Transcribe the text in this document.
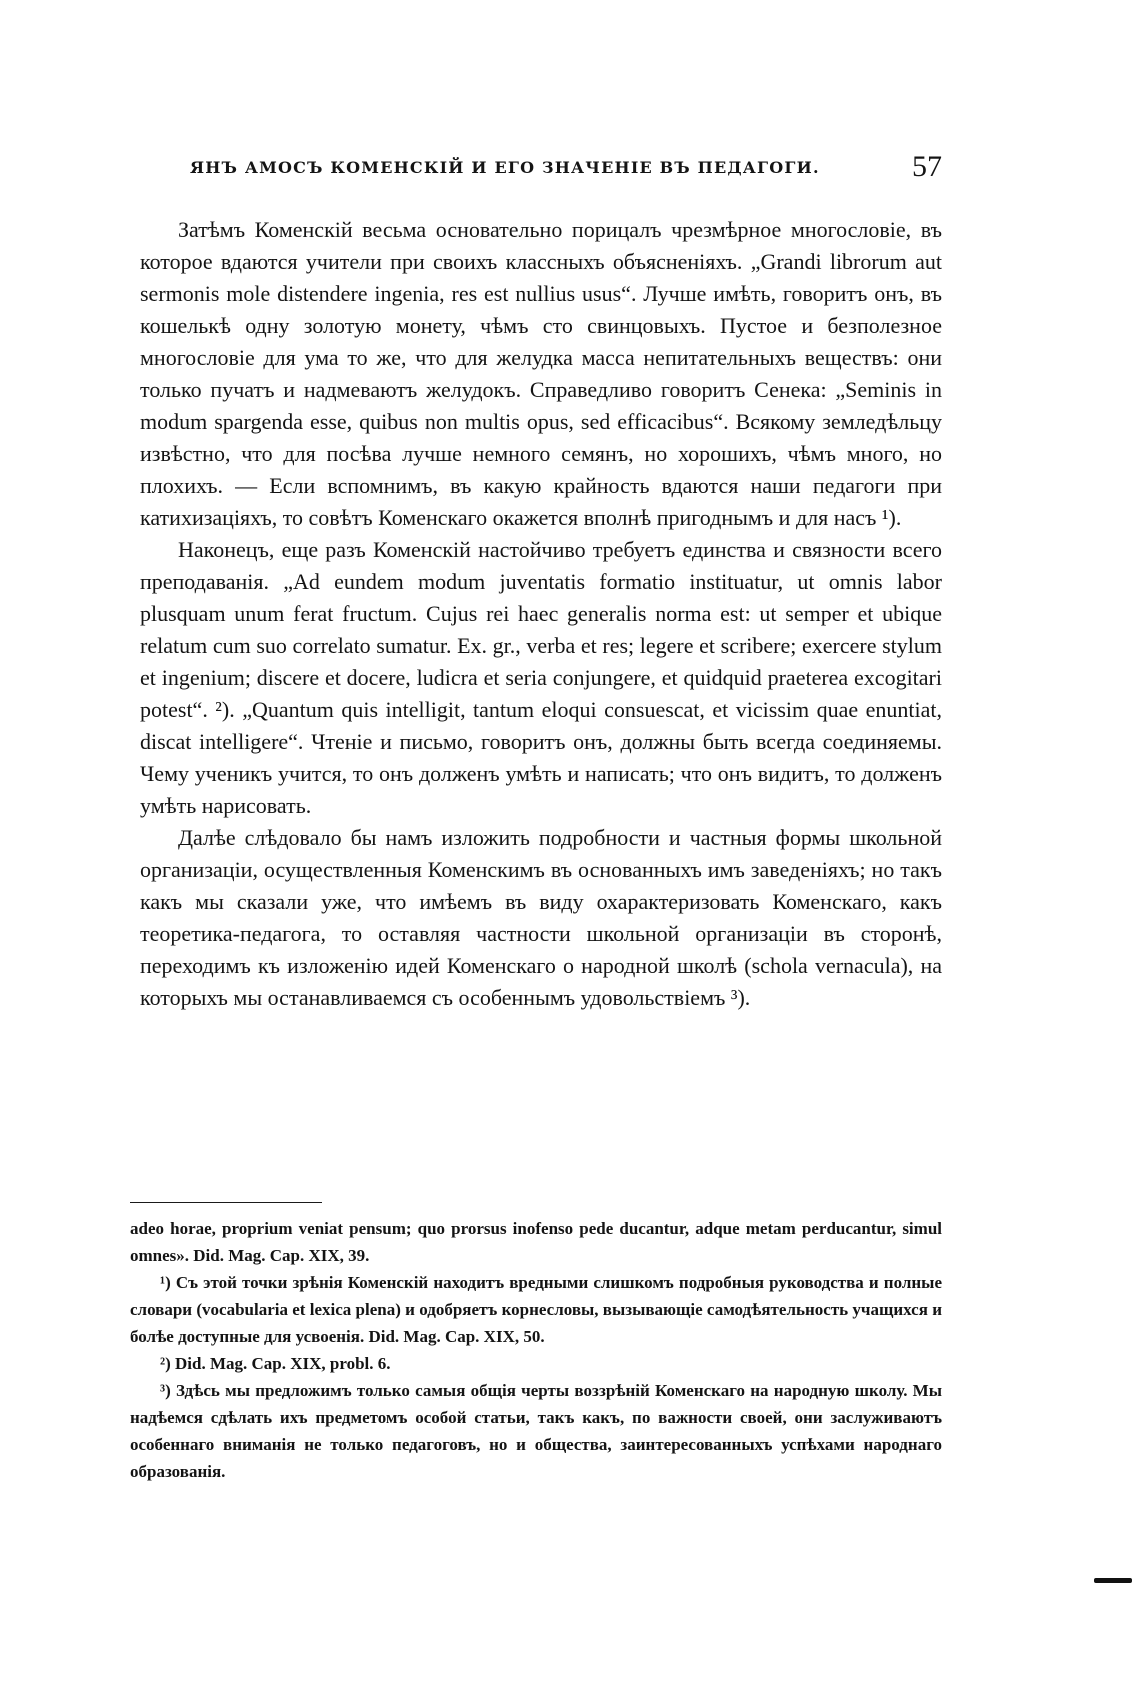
ЯНЪ АМОСЪ КОМЕНСКІЙ И ЕГО ЗНАЧЕНІЕ ВЪ ПЕДАГОГИ.	57

Затѣмъ Коменскій весьма основательно порицалъ чрезмѣрное многословіе, въ которое вдаются учители при своихъ классныхъ объясненіяхъ. „Grandi librorum aut sermonis mole distendere ingenia, res est nullius usus“. Лучше имѣть, говоритъ онъ, въ кошелькѣ одну золотую монету, чѣмъ сто свинцовыхъ. Пустое и безполезное многословіе для ума то же, что для желудка масса непитательныхъ веществъ: они только пучатъ и надмеваютъ желудокъ. Справедливо говоритъ Сенека: „Seminis in modum spargenda esse, quibus non multis opus, sed efficacibus“. Всякому земледѣльцу извѣстно, что для посѣва лучше немного семянъ, но хорошихъ, чѣмъ много, но плохихъ. — Если вспомнимъ, въ какую крайность вдаются наши педагоги при катихизаціяхъ, то совѣтъ Коменскаго окажется вполнѣ пригоднымъ и для насъ ¹).

Наконецъ, еще разъ Коменскій настойчиво требуетъ единства и связности всего преподаванія. „Ad eundem modum juventatis formatio instituatur, ut omnis labor plusquam unum ferat fructum. Cujus rei haec generalis norma est: ut semper et ubique relatum cum suo correlato sumatur. Ex. gr., verba et res; legere et scribere; exercere stylum et ingenium; discere et docere, ludicra et seria conjungere, et quidquid praeterea excogitari potest“. ²). „Quantum quis intelligit, tantum eloqui consuescat, et vicissim quae enuntiat, discat intelligere“. Чтеніе и письмо, говоритъ онъ, должны быть всегда соединяемы. Чему ученикъ учится, то онъ долженъ умѣть и написать; что онъ видитъ, то долженъ умѣть нарисовать.

Далѣе слѣдовало бы намъ изложить подробности и частныя формы школьной организаціи, осуществленныя Коменскимъ въ основанныхъ имъ заведеніяхъ; но такъ какъ мы сказали уже, что имѣемъ въ виду охарактеризовать Коменскаго, какъ теоретика-педагога, то оставляя частности школьной организаціи въ сторонѣ, переходимъ къ изложенію идей Коменскаго о народной школѣ (schola vernacula), на которыхъ мы останавливаемся съ особеннымъ удовольствіемъ ³).

adeo horae, proprium veniat pensum; quo prorsus inofenso pede ducantur, adque metam perducantur, simul omnes». Did. Mag. Cap. XIX, 39.

¹) Съ этой точки зрѣнія Коменскій находитъ вредными слишкомъ подробныя руководства и полные словари (vocabularia et lexica plena) и одобряетъ корнесловы, вызывающіе самодѣятельность учащихся и болѣе доступные для усвоенія. Did. Mag. Cap. XIX, 50.

²) Did. Mag. Cap. XIX, probl. 6.

³) Здѣсь мы предложимъ только самыя общія черты воззрѣній Коменскаго на народную школу. Мы надѣемся сдѣлать ихъ предметомъ особой статьи, такъ какъ, по важности своей, они заслуживаютъ особеннаго вниманія не только педагоговъ, но и общества, заинтересованныхъ успѣхами народнаго образованія.
